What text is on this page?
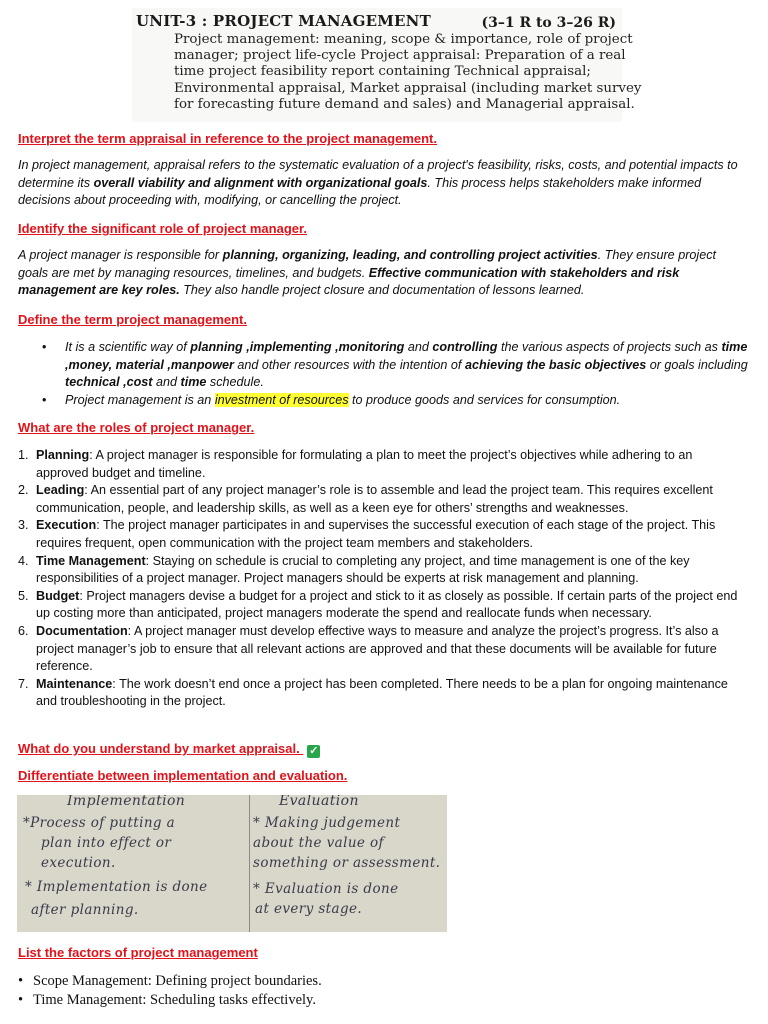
UNIT-3 : PROJECT MANAGEMENT	(3–1 R to 3–26 R)
Project management: meaning, scope & importance, role of project
manager; project life-cycle Project appraisal: Preparation of a real
time project feasibility report containing Technical appraisal;
Environmental appraisal, Market appraisal (including market survey
for forecasting future demand and sales) and Managerial appraisal.
Interpret the term appraisal in reference to the project management.
In project management, appraisal refers to the systematic evaluation of a project's feasibility, risks, costs, and potential impacts to determine its overall viability and alignment with organizational goals. This process helps stakeholders make informed decisions about proceeding with, modifying, or cancelling the project.
Identify the significant role of project manager.
A project manager is responsible for planning, organizing, leading, and controlling project activities. They ensure project goals are met by managing resources, timelines, and budgets. Effective communication with stakeholders and risk management are key roles. They also handle project closure and documentation of lessons learned.
Define the term project management.
• It is a scientific way of planning ,implementing ,monitoring and controlling the various aspects of projects such as time ,money, material ,manpower and other resources with the intention of achieving the basic objectives or goals including technical ,cost and time schedule.
• Project management is an investment of resources to produce goods and services for consumption.
What are the roles of project manager.
1. Planning: A project manager is responsible for formulating a plan to meet the project’s objectives while adhering to an approved budget and timeline.
2. Leading: An essential part of any project manager’s role is to assemble and lead the project team. This requires excellent communication, people, and leadership skills, as well as a keen eye for others’ strengths and weaknesses.
3. Execution: The project manager participates in and supervises the successful execution of each stage of the project. This requires frequent, open communication with the project team members and stakeholders.
4. Time Management: Staying on schedule is crucial to completing any project, and time management is one of the key responsibilities of a project manager. Project managers should be experts at risk management and planning.
5. Budget: Project managers devise a budget for a project and stick to it as closely as possible. If certain parts of the project end up costing more than anticipated, project managers moderate the spend and reallocate funds when necessary.
6. Documentation: A project manager must develop effective ways to measure and analyze the project’s progress. It’s also a project manager’s job to ensure that all relevant actions are approved and that these documents will be available for future reference.
7. Maintenance: The work doesn’t end once a project has been completed. There needs to be a plan for ongoing maintenance and troubleshooting in the project.
What do you understand by market appraisal. ✓
Differentiate between implementation and evaluation.
Implementation	Evaluation
*Process of putting a
plan into effect or
execution.
* Implementation is done
after planning.
* Making judgement
about the value of
something or assessment.
* Evaluation is done
at every stage.
List the factors of project management
• Scope Management: Defining project boundaries.
• Time Management: Scheduling tasks effectively.
